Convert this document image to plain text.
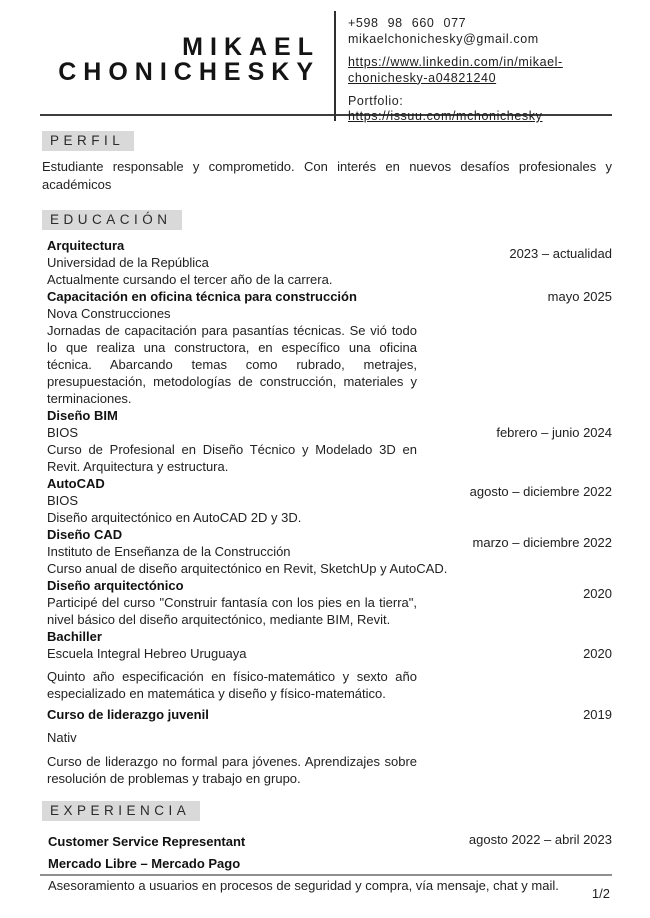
MIKAEL
CHONICHESKY
+598 98 660 077
mikaelchonichesky@gmail.com
https://www.linkedin.com/in/mikael-chonichesky-a04821240
Portfolio:
https://issuu.com/mchonichesky
PERFIL

Estudiante responsable y comprometido. Con interés en nuevos desafíos profesionales y académicos

EDUCACIÓN
Arquitectura
Universidad de la República
Actualmente cursando el tercer año de la carrera.
2023 – actualidad
Capacitación en oficina técnica para construcción
Nova Construcciones
Jornadas de capacitación para pasantías técnicas. Se vió todo lo que realiza una constructora, en específico una oficina técnica. Abarcando temas como rubrado, metrajes, presupuestación, metodologías de construcción, materiales y terminaciones.
mayo 2025
Diseño BIM
BIOS
Curso de Profesional en Diseño Técnico y Modelado 3D en Revit. Arquitectura y estructura.
febrero – junio 2024
AutoCAD
BIOS
Diseño arquitectónico en AutoCAD 2D y 3D.
agosto – diciembre 2022
Diseño CAD
Instituto de Enseñanza de la Construcción
Curso anual de diseño arquitectónico en Revit, SketchUp y AutoCAD.
marzo – diciembre 2022
Diseño arquitectónico
Participé del curso "Construir fantasía con los pies en la tierra", nivel básico del diseño arquitectónico, mediante BIM, Revit.
2020
Bachiller
Escuela Integral Hebreo Uruguaya
Quinto año especificación en físico-matemático y sexto año especializado en matemática y diseño y físico-matemático.
2020
Curso de liderazgo juvenil
Nativ
Curso de liderazgo no formal para jóvenes. Aprendizajes sobre resolución de problemas y trabajo en grupo.
2019
EXPERIENCIA
Customer Service Representant
Mercado Libre – Mercado Pago
Asesoramiento a usuarios en procesos de seguridad y compra, vía mensaje, chat y mail.
agosto 2022 – abril 2023
1/2
